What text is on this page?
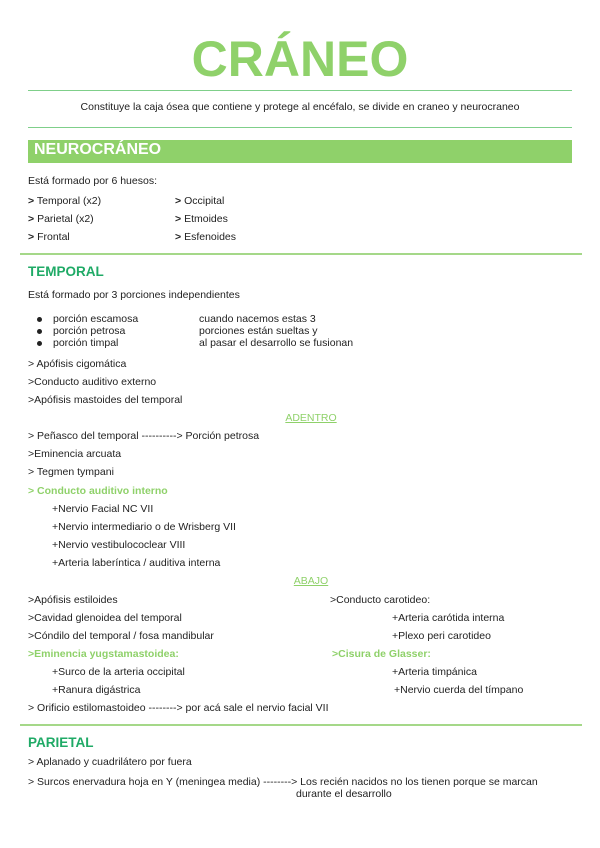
CRÁNEO
Constituye la caja ósea que contiene y protege al encéfalo, se divide en craneo y neurocraneo
NEUROCRÁNEO
Está formado por 6 huesos:
> Temporal (x2)
> Parietal (x2)
> Frontal
> Occipital
> Etmoides
> Esfenoides
TEMPORAL
Está formado por 3 porciones independientes
porción escamosa
porción petrosa
porción timpal
cuando nacemos estas 3
porciones están sueltas y
al pasar el desarrollo se fusionan
> Apófisis cigomática
>Conducto auditivo externo
>Apófisis mastoides del temporal
ADENTRO
> Peñasco del temporal ----------> Porción petrosa
>Eminencia arcuata
> Tegmen tympani
> Conducto auditivo interno
+Nervio Facial NC VII
+Nervio intermediario o de Wrisberg VII
+Nervio vestibulococlear VIII
+Arteria laberíntica / auditiva interna
ABAJO
>Apófisis estiloides
>Cavidad glenoidea del temporal
>Cóndilo del temporal / fosa mandibular
>Conducto carotideo:
+Arteria carótida interna
+Plexo peri carotideo
>Eminencia yugstamastoidea:
+Surco de la arteria occipital
+Ranura digástrica
>Cisura de Glasser:
+Arteria timpánica
+Nervio cuerda del tímpano
> Orificio estilomastoideo --------> por acá sale el nervio facial VII
PARIETAL
> Aplanado y cuadrilátero por fuera
> Surcos enervadura hoja en Y (meningea media) --------> Los recién nacidos no los tienen porque se marcan
durante el desarrollo
